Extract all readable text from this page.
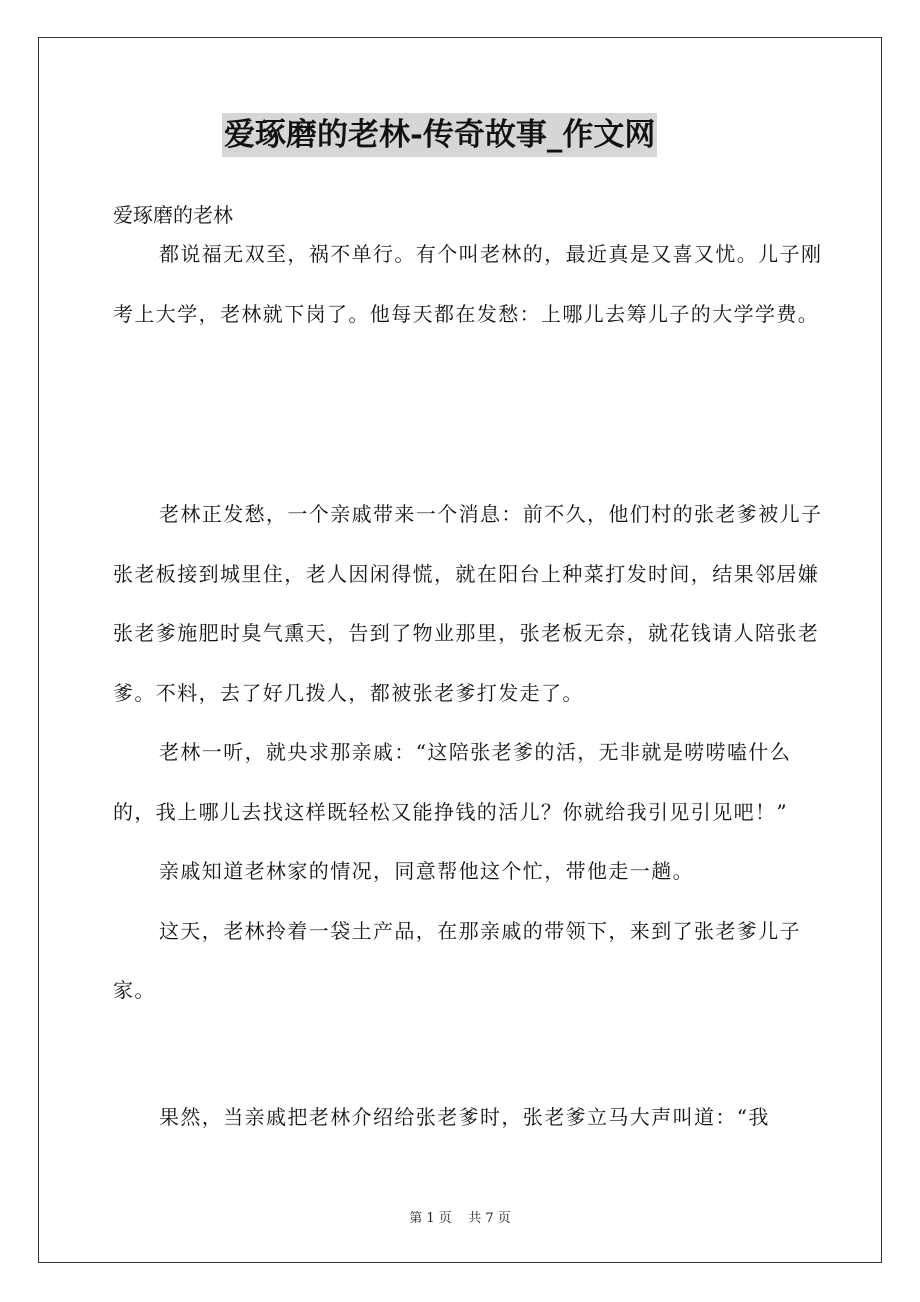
爱琢磨的老林-传奇故事_作文网
爱琢磨的老林

都说福无双至，祸不单行。有个叫老林的，最近真是又喜又忧。儿子刚考上大学，老林就下岗了。他每天都在发愁：上哪儿去筹儿子的大学学费。

老林正发愁，一个亲戚带来一个消息：前不久，他们村的张老爹被儿子张老板接到城里住，老人因闲得慌，就在阳台上种菜打发时间，结果邻居嫌张老爹施肥时臭气熏天，告到了物业那里，张老板无奈，就花钱请人陪张老爹。不料，去了好几拨人，都被张老爹打发走了。

老林一听，就央求那亲戚：“这陪张老爹的活，无非就是唠唠嗑什么的，我上哪儿去找这样既轻松又能挣钱的活儿？你就给我引见引见吧！”

亲戚知道老林家的情况，同意帮他这个忙，带他走一趟。

这天，老林拎着一袋土产品，在那亲戚的带领下，来到了张老爹儿子家。

果然，当亲戚把老林介绍给张老爹时，张老爹立马大声叫道：“我

第 1 页    共 7 页
